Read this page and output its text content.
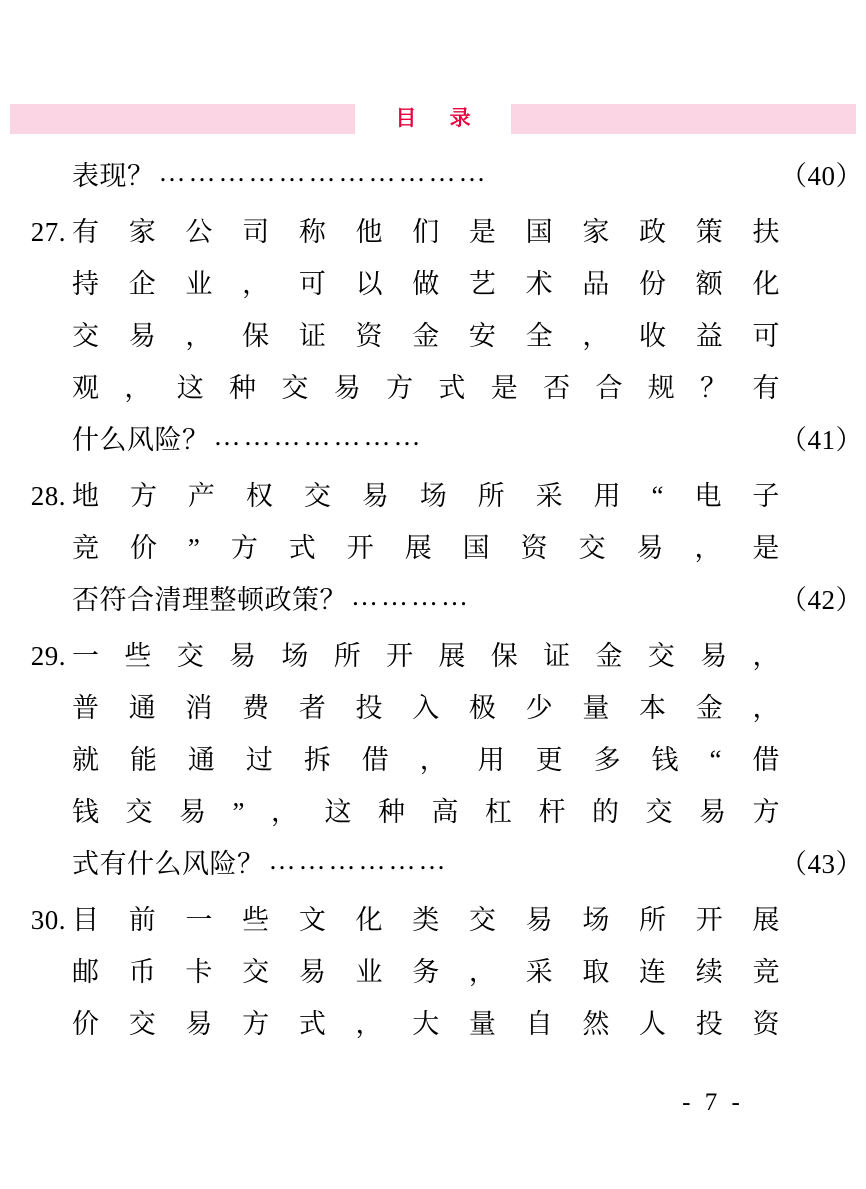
目 录
表现？ ……………………………	（40）
27. 有 家 公 司 称 他 们 是 国 家 政 策 扶
持 企 业 ， 可 以 做 艺 术 品 份 额 化
交 易 ， 保 证 资 金 安 全 ， 收 益 可
观 ， 这 种 交 易 方 式 是 否 合 规 ？ 有
什么风险？ …………………	（41）
28. 地 方 产 权 交 易 场 所 采 用 “ 电 子
竞 价 ” 方 式 开 展 国 资 交 易 ， 是
否符合清理整顿政策？ …………	（42）
29. 一 些 交 易 场 所 开 展 保 证 金 交 易 ，
普 通 消 费 者 投 入 极 少 量 本 金 ，
就 能 通 过 拆 借 ， 用 更 多 钱 “ 借
钱 交 易 ” ， 这 种 高 杠 杆 的 交 易 方
式有什么风险？ ………………	（43）
30. 目 前 一 些 文 化 类 交 易 场 所 开 展
邮 币 卡 交 易 业 务 ， 采 取 连 续 竞
价 交 易 方 式 ， 大 量 自 然 人 投 资
- 7 -
